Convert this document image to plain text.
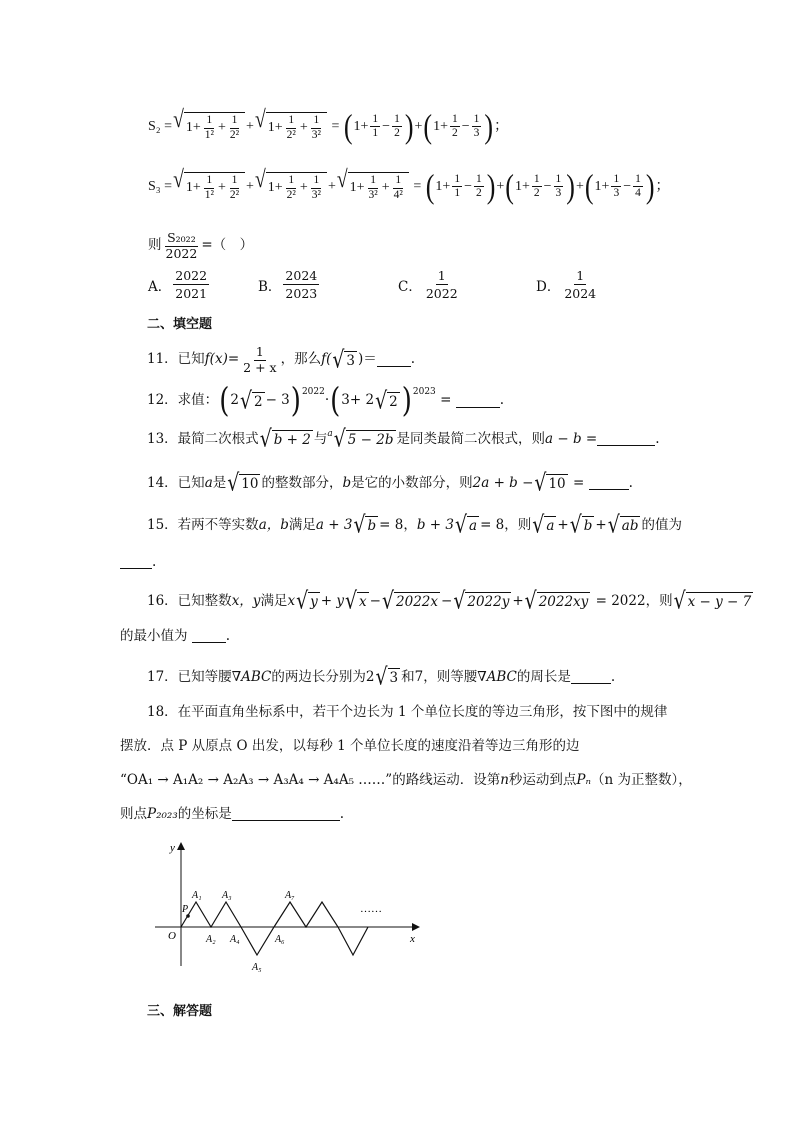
S₂ = √ $1+ \frac{1}{\text{1²}} + \frac{1}{\text{2²}}$ + √ $1+ \frac{1}{\text{2²}} + \frac{1}{\text{3²}}$ = ( $1+ \frac{1}{1} - \frac{1}{2}$ ) + ( $1+ \frac{1}{2} - \frac{1}{3}$ ) ；
S₃ = √ $1+ \frac{1}{\text{1²}} + \frac{1}{\text{2²}}$ + √ $1+ \frac{1}{\text{2²}} + \frac{1}{\text{3²}}$ + √ $1+ \frac{1}{\text{3²}} + \frac{1}{\text{4²}}$ = ( $1+ \frac{1}{1} - \frac{1}{2}$ ) + ( $1+ \frac{1}{2} - \frac{1}{3}$ ) + ( $1+ \frac{1}{3} - \frac{1}{4}$ ) ；
则 $\frac{\text{S₂₀₂₂}}{2022}$ =（　）
A． $\frac{2022}{2021}$	B． $\frac{2024}{2023}$	C． $\frac{1}{2022}$	D． $\frac{1}{2024}$
二、填空题
11．已知 $f(x) = \frac{1}{2 + x}$ ，那么 f( √ 3 )＝	.
12．求值： ( 2 √ 2 − 3 )$^{2022}$
· ( 3+ 2 √ 2 )$^{2023}$

=
	.
13．最简二次根式 √ b + 2 与$^a$ √ 5 − 2b 是同类最简二次根式，则 a − b =	.
14．已知 a 是 √ 10 的整数部分， b 是它的小数部分，则 2a + b − √ 10
=
	.
15．若两不等实数 a，b 满足 a + 3 √ b = 8 ， b + 3 √ a = 8 ，则 √ a + √ b + √ ab 的值为
.
16．已知整数 x，y 满足 x √ y + y √ x − √ 2022x − √ 2022y + √ 2022xy
= 2022 ，则 √ x − y − 7
的最小值为
	.
17．已知等腰 ∇ABC 的两边长分别为 2 √ 3 和 7 ，则等腰 ∇ABC 的周长是	.
18．在平面直角坐标系中，若干个边长为 1 个单位长度的等边三角形，按下图中的规律
摆放．点 P 从原点 O 出发，以每秒 1 个单位长度的速度沿着等边三角形的边
“OA₁ → A₁A₂ → A₂A₃ → A₃A₄ → A₄A₅ ……”的路线运动．设第 n 秒运动到点 Pₙ （n 为正整数），
则点 P₂₀₂₃ 的坐标是	.
y
x
O
P
A₁
A₂
A₃
A₄
A₅
A₆
A₇
……
三、解答题
